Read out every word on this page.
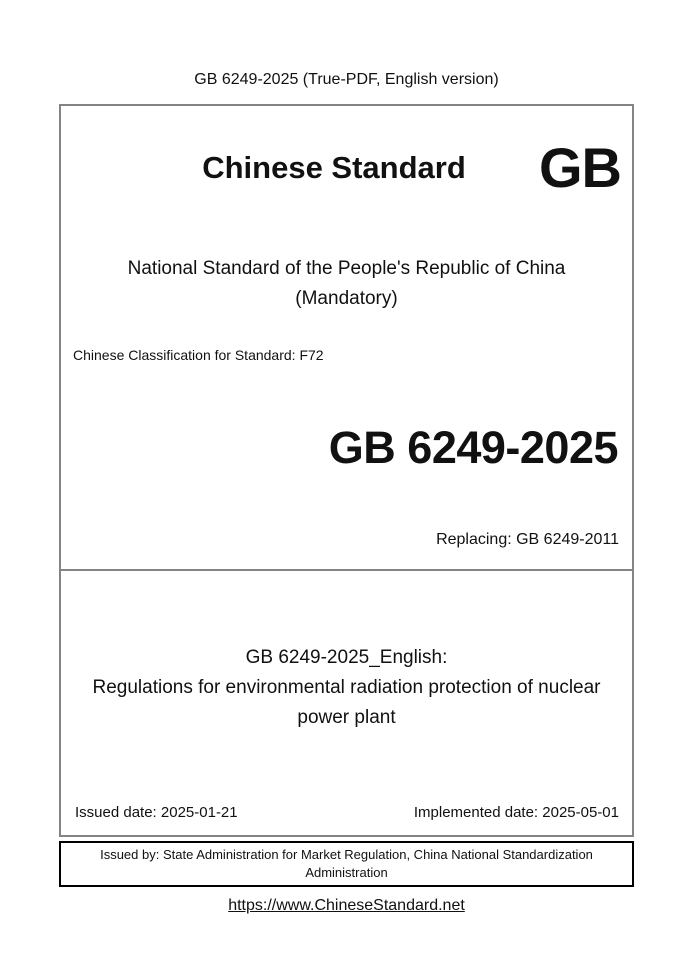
GB 6249-2025 (True-PDF, English version)
Chinese Standard	GB
National Standard of the People's Republic of China
(Mandatory)
Chinese Classification for Standard: F72
GB 6249-2025
Replacing: GB 6249-2011
GB 6249-2025_English:
Regulations for environmental radiation protection of nuclear power plant
Issued date: 2025-01-21	Implemented date: 2025-05-01
Issued by: State Administration for Market Regulation, China National Standardization Administration
https://www.ChineseStandard.net
